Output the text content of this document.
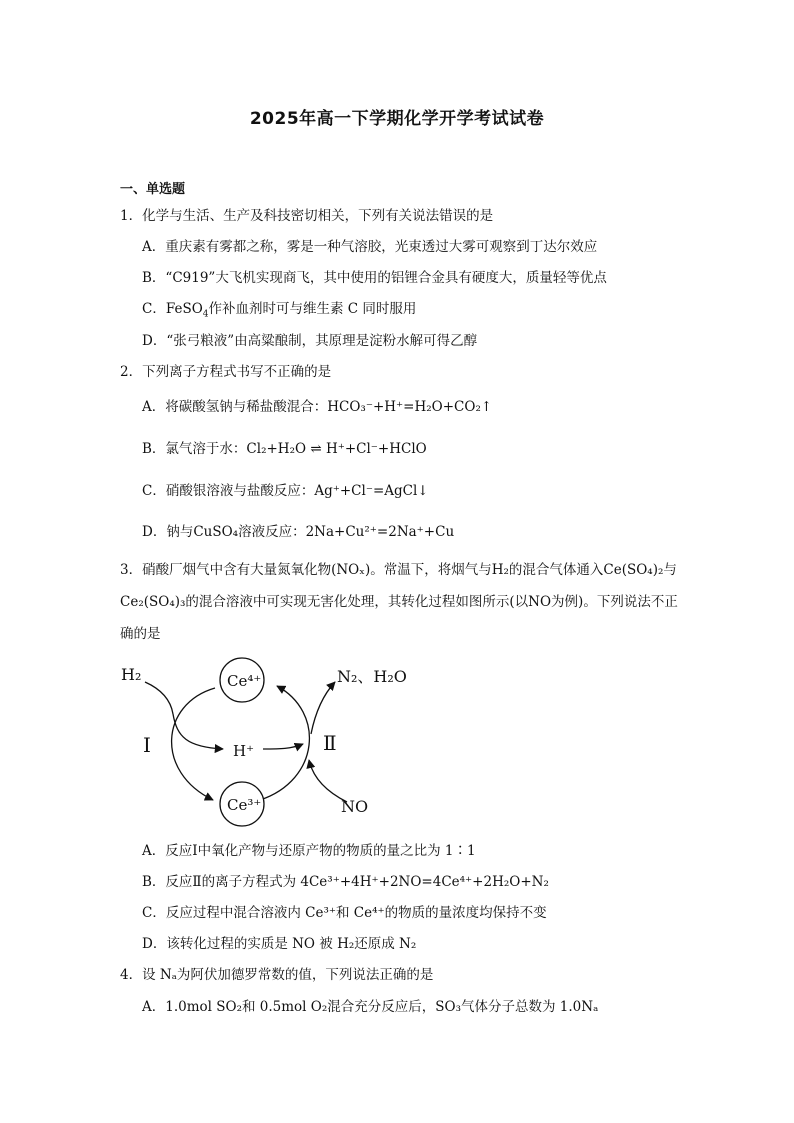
2025年高一下学期化学开学考试试卷
一、单选题
1．化学与生活、生产及科技密切相关，下列有关说法错误的是
A．重庆素有雾都之称，雾是一种气溶胶，光束透过大雾可观察到丁达尔效应
B．“C919”大飞机实现商飞，其中使用的铝锂合金具有硬度大，质量轻等优点
C．FeSO$_4$作补血剂时可与维生素 C 同时服用
D．“张弓粮液”由高粱酿制，其原理是淀粉水解可得乙醇
2．下列离子方程式书写不正确的是
A．将碳酸氢钠与稀盐酸混合：HCO₃⁻+H⁺=H₂O+CO₂↑
B．氯气溶于水：Cl₂+H₂O ⇌ H⁺+Cl⁻+HClO
C．硝酸银溶液与盐酸反应：Ag⁺+Cl⁻=AgCl↓
D．钠与CuSO₄溶液反应：2Na+Cu²⁺=2Na⁺+Cu
3．硝酸厂烟气中含有大量氮氧化物(NOₓ)。常温下，将烟气与H₂的混合气体通入Ce(SO₄)₂与Ce₂(SO₄)₃的混合溶液中可实现无害化处理，其转化过程如图所示(以NO为例)。下列说法不正确的是
H₂	Ce⁴⁺
Ce³⁺
H⁺
N₂、H₂O
NO
Ⅰ	Ⅱ
A．反应Ⅰ中氧化产物与还原产物的物质的量之比为 1∶1
B．反应Ⅱ的离子方程式为 4Ce³⁺+4H⁺+2NO=4Ce⁴⁺+2H₂O+N₂
C．反应过程中混合溶液内 Ce³⁺和 Ce⁴⁺的物质的量浓度均保持不变
D．该转化过程的实质是 NO 被 H₂还原成 N₂
4．设 Nₐ为阿伏加德罗常数的值，下列说法正确的是
A．1.0mol SO₂和 0.5mol O₂混合充分反应后，SO₃气体分子总数为 1.0Nₐ
